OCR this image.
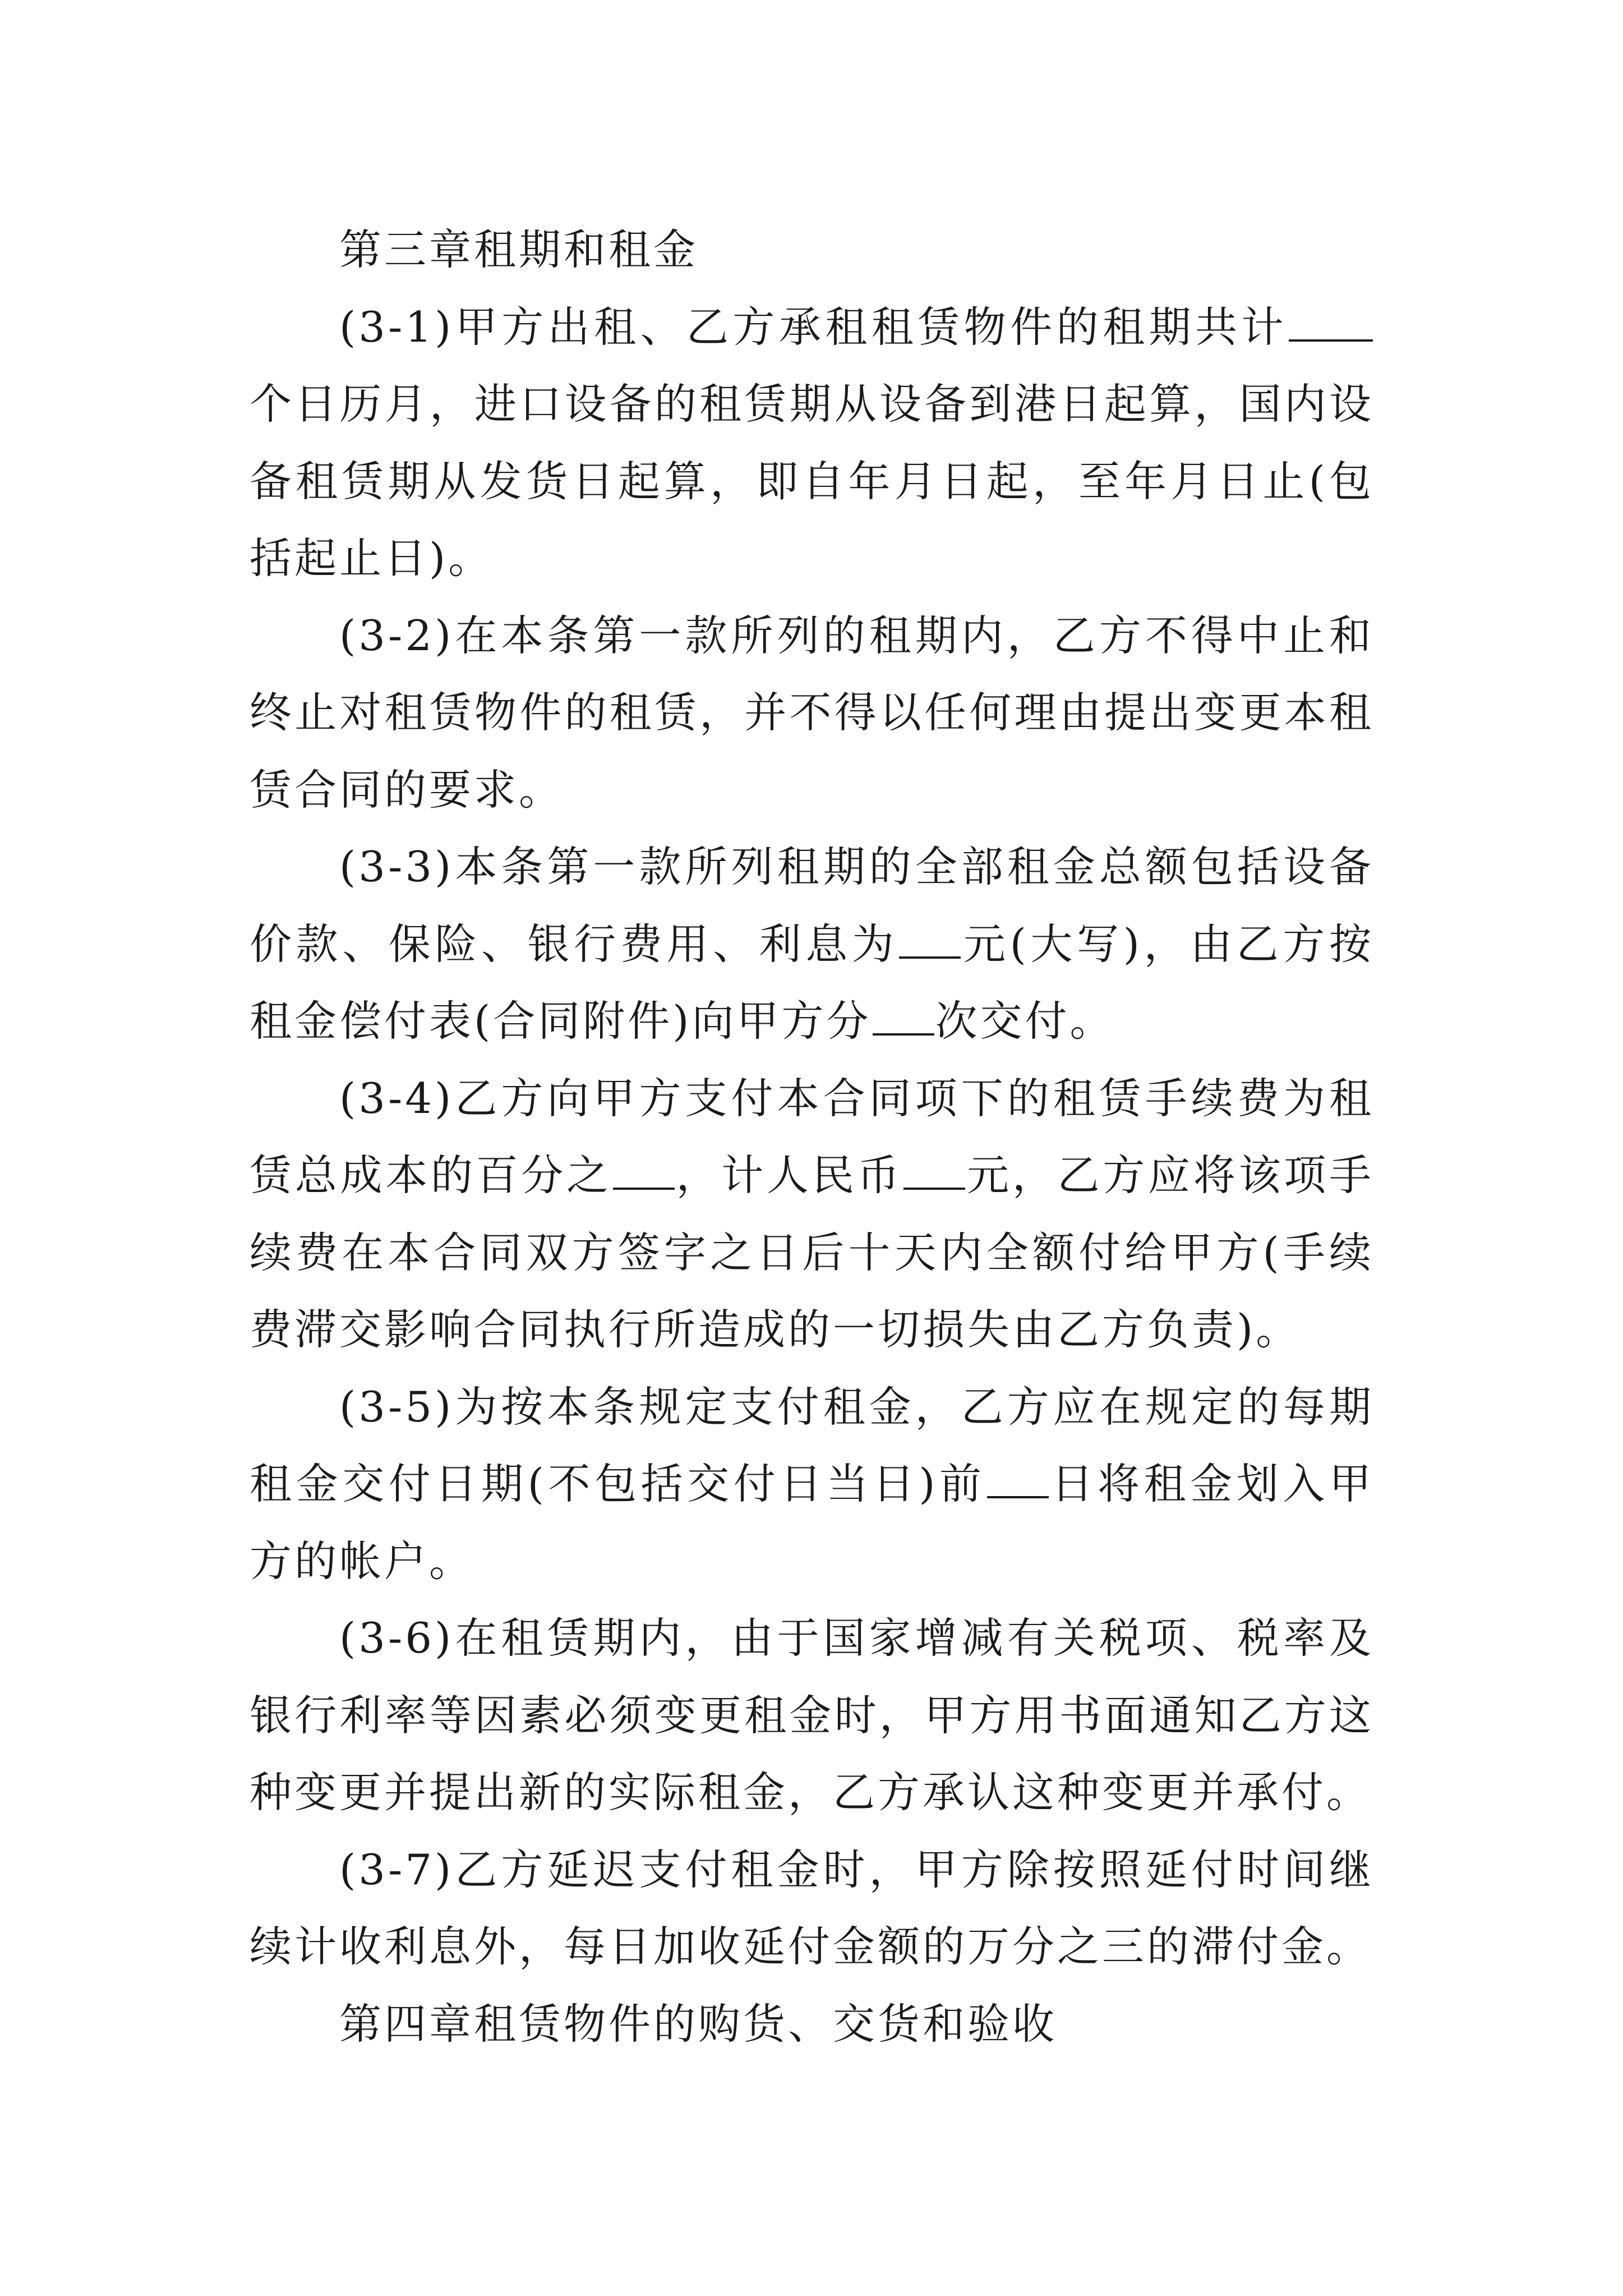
第三章租期和租金

(3-1)甲方出租、乙方承租租赁物件的租期共计个日历月，进口设备的租赁期从设备到港日起算，国内设备租赁期从发货日起算，即自年月日起，至年月日止(包括起止日)。

(3-2)在本条第一款所列的租期内，乙方不得中止和终止对租赁物件的租赁，并不得以任何理由提出变更本租赁合同的要求。

(3-3)本条第一款所列租期的全部租金总额包括设备价款、保险、银行费用、利息为 元(大写)，由乙方按租金偿付表(合同附件)向甲方分 次交付。

(3-4)乙方向甲方支付本合同项下的租赁手续费为租赁总成本的百分之 ，计人民币 元，乙方应将该项手续费在本合同双方签字之日后十天内全额付给甲方(手续费滞交影响合同执行所造成的一切损失由乙方负责)。

(3-5)为按本条规定支付租金，乙方应在规定的每期租金交付日期(不包括交付日当日)前 日将租金划入甲方的帐户。

(3-6)在租赁期内，由于国家增减有关税项、税率及银行利率等因素必须变更租金时，甲方用书面通知乙方这种变更并提出新的实际租金，乙方承认这种变更并承付。

(3-7)乙方延迟支付租金时，甲方除按照延付时间继续计收利息外，每日加收延付金额的万分之三的滞付金。

第四章租赁物件的购货、交货和验收
